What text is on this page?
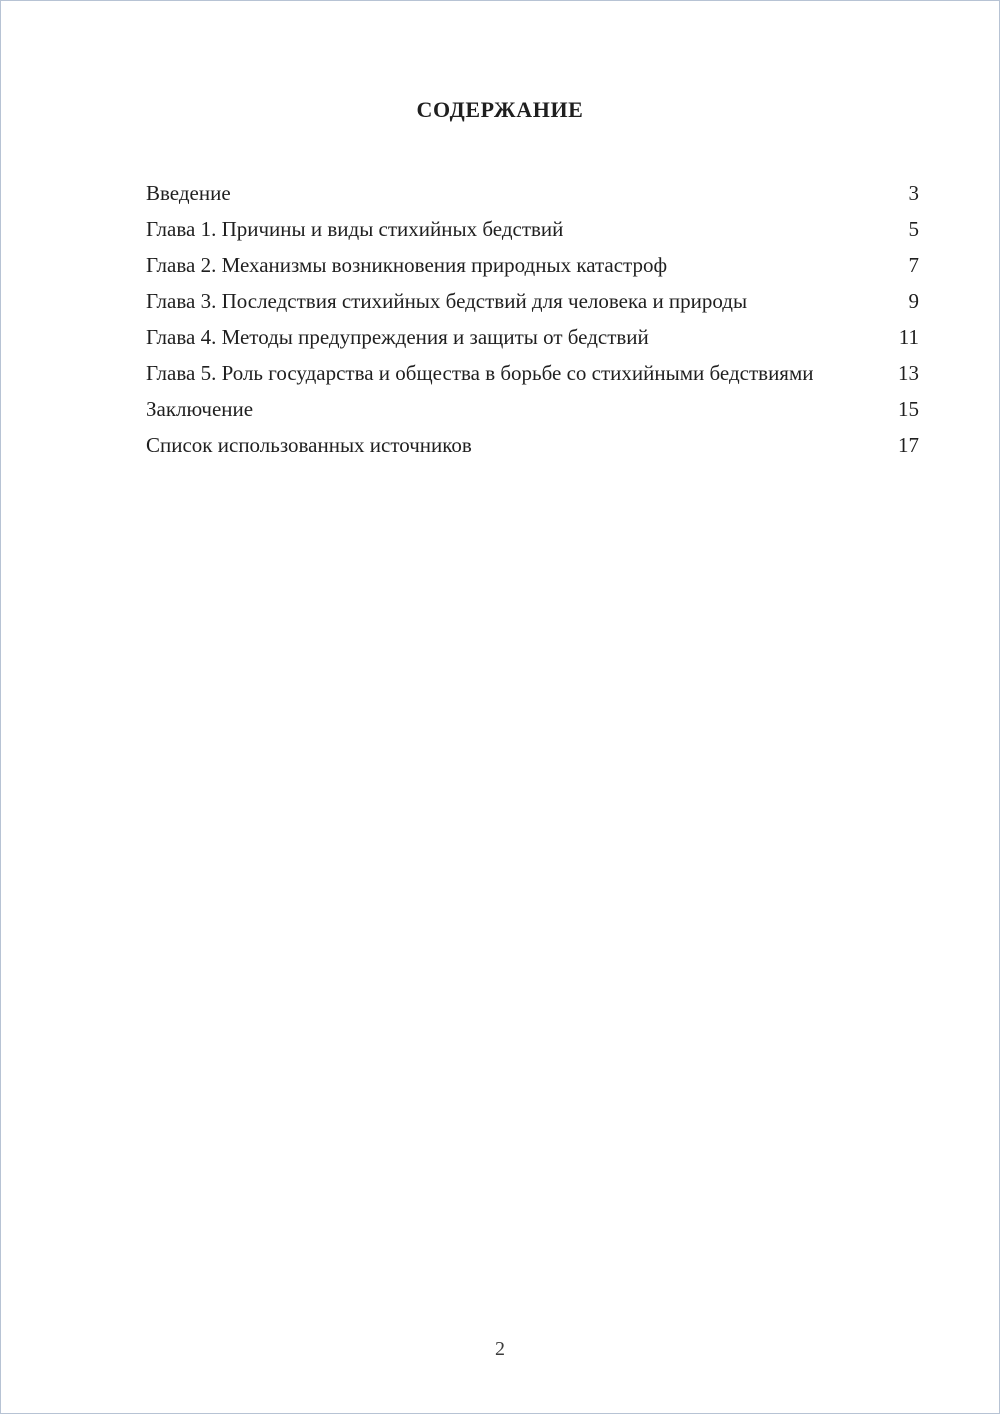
СОДЕРЖАНИЕ
Введение	3
Глава 1. Причины и виды стихийных бедствий	5
Глава 2. Механизмы возникновения природных катастроф	7
Глава 3. Последствия стихийных бедствий для человека и природы	9
Глава 4. Методы предупреждения и защиты от бедствий	11
Глава 5. Роль государства и общества в борьбе со стихийными бедствиями	13
Заключение	15
Список использованных источников	17
2
